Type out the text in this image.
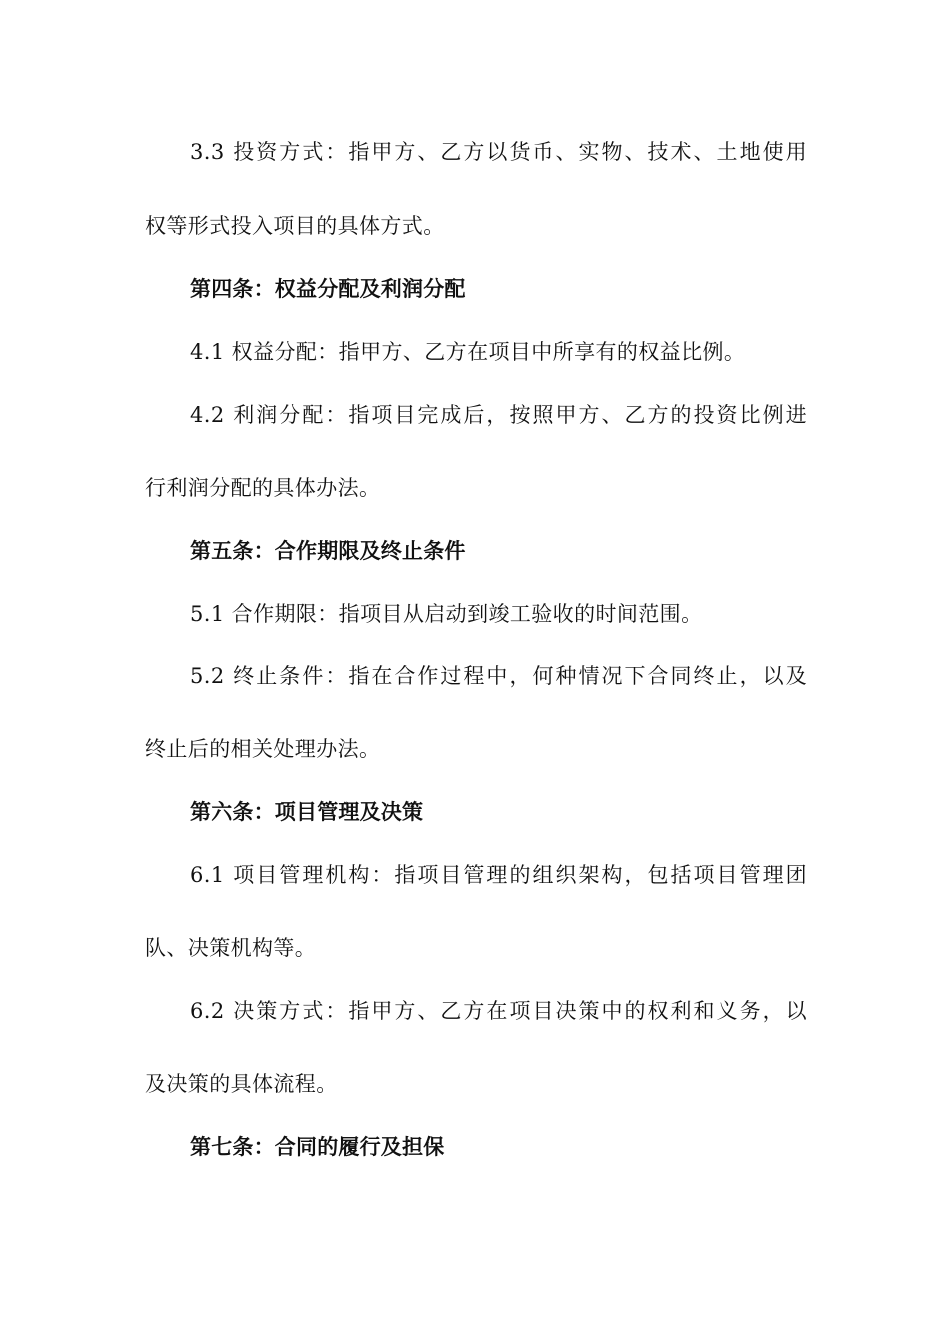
3.3 投资方式：指甲方、乙方以货币、实物、技术、土地使用
权等形式投入项目的具体方式。
第四条：权益分配及利润分配
4.1 权益分配：指甲方、乙方在项目中所享有的权益比例。
4.2 利润分配：指项目完成后，按照甲方、乙方的投资比例进
行利润分配的具体办法。
第五条：合作期限及终止条件
5.1 合作期限：指项目从启动到竣工验收的时间范围。
5.2 终止条件：指在合作过程中，何种情况下合同终止，以及
终止后的相关处理办法。
第六条：项目管理及决策
6.1 项目管理机构：指项目管理的组织架构，包括项目管理团
队、决策机构等。
6.2 决策方式：指甲方、乙方在项目决策中的权利和义务，以
及决策的具体流程。
第七条：合同的履行及担保
